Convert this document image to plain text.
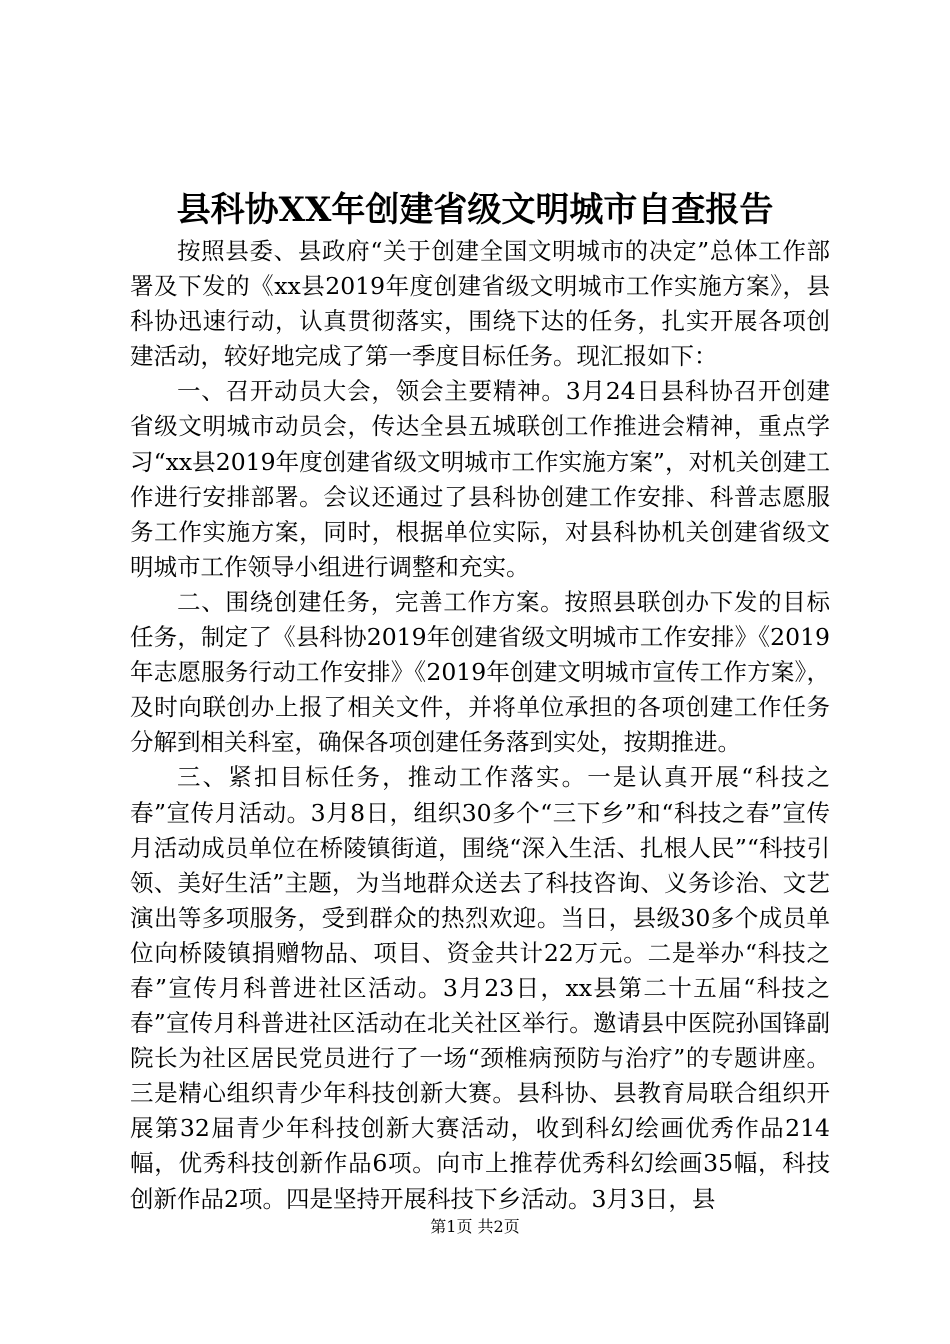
县科协XX年创建省级文明城市自查报告

按照县委、县政府“关于创建全国文明城市的决定”总体工作部署及下发的《xx县2019年度创建省级文明城市工作实施方案》，县科协迅速行动，认真贯彻落实，围绕下达的任务，扎实开展各项创建活动，较好地完成了第一季度目标任务。现汇报如下：

一、召开动员大会，领会主要精神。3月24日县科协召开创建省级文明城市动员会，传达全县五城联创工作推进会精神，重点学习“xx县2019年度创建省级文明城市工作实施方案”，对机关创建工作进行安排部署。会议还通过了县科协创建工作安排、科普志愿服务工作实施方案，同时，根据单位实际，对县科协机关创建省级文明城市工作领导小组进行调整和充实。

二、围绕创建任务，完善工作方案。按照县联创办下发的目标任务，制定了《县科协2019年创建省级文明城市工作安排》《2019年志愿服务行动工作安排》《2019年创建文明城市宣传工作方案》，及时向联创办上报了相关文件，并将单位承担的各项创建工作任务分解到相关科室，确保各项创建任务落到实处，按期推进。

三、紧扣目标任务，推动工作落实。一是认真开展“科技之春”宣传月活动。3月8日，组织30多个“三下乡”和“科技之春”宣传月活动成员单位在桥陵镇街道，围绕“深入生活、扎根人民”“科技引领、美好生活”主题，为当地群众送去了科技咨询、义务诊治、文艺演出等多项服务，受到群众的热烈欢迎。当日，县级30多个成员单位向桥陵镇捐赠物品、项目、资金共计22万元。二是举办“科技之春”宣传月科普进社区活动。3月23日，xx县第二十五届“科技之春”宣传月科普进社区活动在北关社区举行。邀请县中医院孙国锋副院长为社区居民党员进行了一场“颈椎病预防与治疗”的专题讲座。三是精心组织青少年科技创新大赛。县科协、县教育局联合组织开展第32届青少年科技创新大赛活动，收到科幻绘画优秀作品214幅，优秀科技创新作品6项。向市上推荐优秀科幻绘画35幅，科技创新作品2项。四是坚持开展科技下乡活动。3月3日，县

第1页 共2页
